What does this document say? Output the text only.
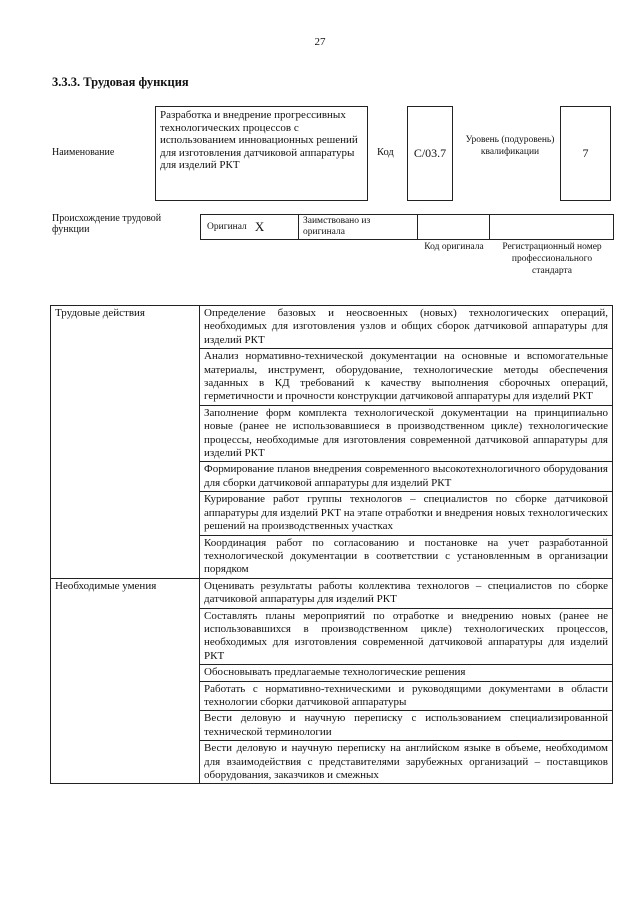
27
3.3.3. Трудовая функция
Наименование
Разработка и внедрение прогрессивных технологических процессов с использованием инновационных решений для изготовления датчиковой аппаратуры для изделий РКТ
Код	С/03.7
Уровень (подуровень) квалификации	7
Происхождение трудовой функции	Оригинал X	Заимствовано из оригинала
Код оригинала	Регистрационный номер профессионального стандарта
Трудовые действия	Определение базовых и неосвоенных (новых) технологических операций, необходимых для изготовления узлов и общих сборок датчиковой аппаратуры для изделий РКТ
	Анализ нормативно-технической документации на основные и вспомогательные материалы, инструмент, оборудование, технологические методы обеспечения заданных в КД требований к качеству выполнения сборочных операций, герметичности и прочности конструкции датчиковой аппаратуры для изделий РКТ
	Заполнение форм комплекта технологической документации на принципиально новые (ранее не использовавшиеся в производственном цикле) технологические процессы, необходимые для изготовления современной датчиковой аппаратуры для изделий РКТ
	Формирование планов внедрения современного высокотехнологичного оборудования для сборки датчиковой аппаратуры для изделий РКТ
	Курирование работ группы технологов – специалистов по сборке датчиковой аппаратуры для изделий РКТ на этапе отработки и внедрения новых технологических решений на производственных участках
	Координация работ по согласованию и постановке на учет разработанной технологической документации в соответствии с установленным в организации порядком
Необходимые умения	Оценивать результаты работы коллектива технологов – специалистов по сборке датчиковой аппаратуры для изделий РКТ
	Составлять планы мероприятий по отработке и внедрению новых (ранее не использовавшихся в производственном цикле) технологических процессов, необходимых для изготовления современной датчиковой аппаратуры для изделий РКТ
	Обосновывать предлагаемые технологические решения
	Работать с нормативно-техническими и руководящими документами в области технологии сборки датчиковой аппаратуры
	Вести деловую и научную переписку с использованием специализированной технической терминологии
	Вести деловую и научную переписку на английском языке в объеме, необходимом для взаимодействия с представителями зарубежных организаций – поставщиков оборудования, заказчиков и смежных
